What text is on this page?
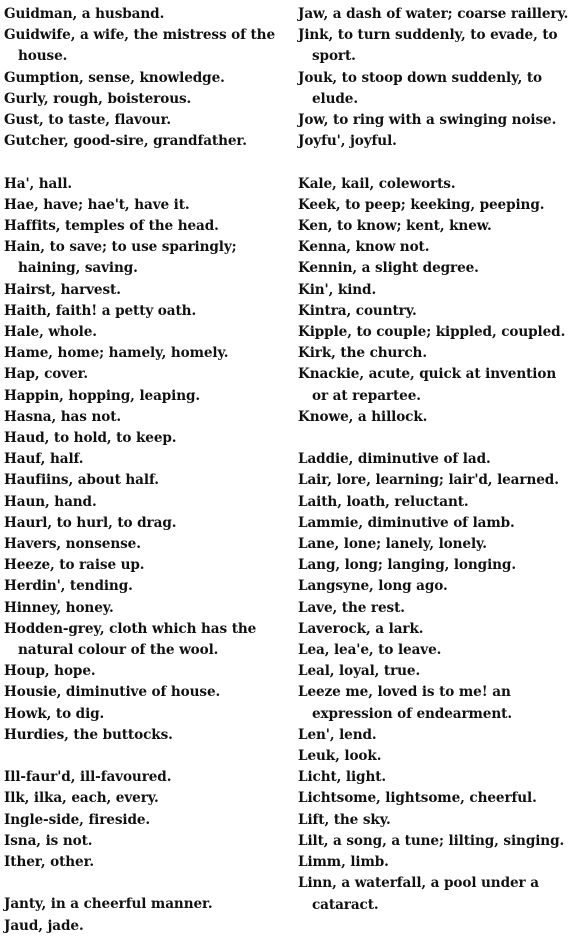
Guidman, a husband.
Guidwife, a wife, the mistress of the house.
Gumption, sense, knowledge.
Gurly, rough, boisterous.
Gust, to taste, flavour.
Gutcher, good-sire, grandfather.
Ha', hall.
Hae, have; hae't, have it.
Haffits, temples of the head.
Hain, to save; to use sparingly; haining, saving.
Hairst, harvest.
Haith, faith! a petty oath.
Hale, whole.
Hame, home; hamely, homely.
Hap, cover.
Happin, hopping, leaping.
Hasna, has not.
Haud, to hold, to keep.
Hauf, half.
Haufiins, about half.
Haun, hand.
Haurl, to hurl, to drag.
Havers, nonsense.
Heeze, to raise up.
Herdin', tending.
Hinney, honey.
Hodden-grey, cloth which has the natural colour of the wool.
Houp, hope.
Housie, diminutive of house.
Howk, to dig.
Hurdies, the buttocks.
Ill-faur'd, ill-favoured.
Ilk, ilka, each, every.
Ingle-side, fireside.
Isna, is not.
Ither, other.
Janty, in a cheerful manner.
Jaud, jade.
Jaw, a dash of water; coarse raillery.
Jink, to turn suddenly, to evade, to sport.
Jouk, to stoop down suddenly, to elude.
Jow, to ring with a swinging noise.
Joyfu', joyful.
Kale, kail, coleworts.
Keek, to peep; keeking, peeping.
Ken, to know; kent, knew.
Kenna, know not.
Kennin, a slight degree.
Kin', kind.
Kintra, country.
Kipple, to couple; kippled, coupled.
Kirk, the church.
Knackie, acute, quick at invention or at repartee.
Knowe, a hillock.
Laddie, diminutive of lad.
Lair, lore, learning; lair'd, learned.
Laith, loath, reluctant.
Lammie, diminutive of lamb.
Lane, lone; lanely, lonely.
Lang, long; langing, longing.
Langsyne, long ago.
Lave, the rest.
Laverock, a lark.
Lea, lea'e, to leave.
Leal, loyal, true.
Leeze me, loved is to me! an expression of endearment.
Len', lend.
Leuk, look.
Licht, light.
Lichtsome, lightsome, cheerful.
Lift, the sky.
Lilt, a song, a tune; lilting, singing.
Limm, limb.
Linn, a waterfall, a pool under a cataract.
